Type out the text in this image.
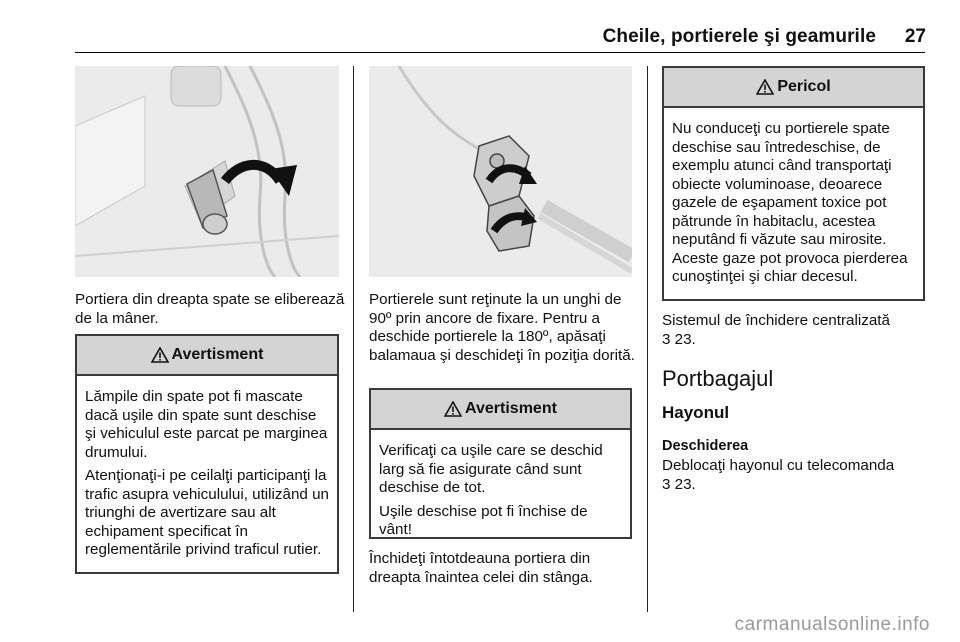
Cheile, portierele şi geamurile	27

Portiera din dreapta spate se eliberează de la mâner.

Avertisment

Lămpile din spate pot fi mascate dacă uşile din spate sunt deschise şi vehiculul este parcat pe marginea drumului.

Atenţionaţi-i pe ceilalţi participanţi la trafic asupra vehiculului, utilizând un triunghi de avertizare sau alt echipament specificat în reglementările privind traficul rutier.

Portierele sunt reţinute la un unghi de 90º prin ancore de fixare. Pentru a deschide portierele la 180º, apăsaţi balamaua şi deschideţi în poziţia dorită.

Avertisment

Verificaţi ca uşile care se deschid larg să fie asigurate când sunt deschise de tot.

Uşile deschise pot fi închise de vânt!

Închideţi întotdeauna portiera din dreapta înaintea celei din stânga.

Pericol

Nu conduceţi cu portierele spate deschise sau întredeschise, de exemplu atunci când transportaţi obiecte voluminoase, deoarece gazele de eşapament toxice pot pătrunde în habitaclu, acestea neputând fi văzute sau mirosite. Aceste gaze pot provoca pierderea cunoştinţei şi chiar decesul.

Sistemul de închidere centralizată
3 23.

Portbagajul
Hayonul
Deschiderea

Deblocaţi hayonul cu telecomanda
3 23.

carmanualsonline.info
